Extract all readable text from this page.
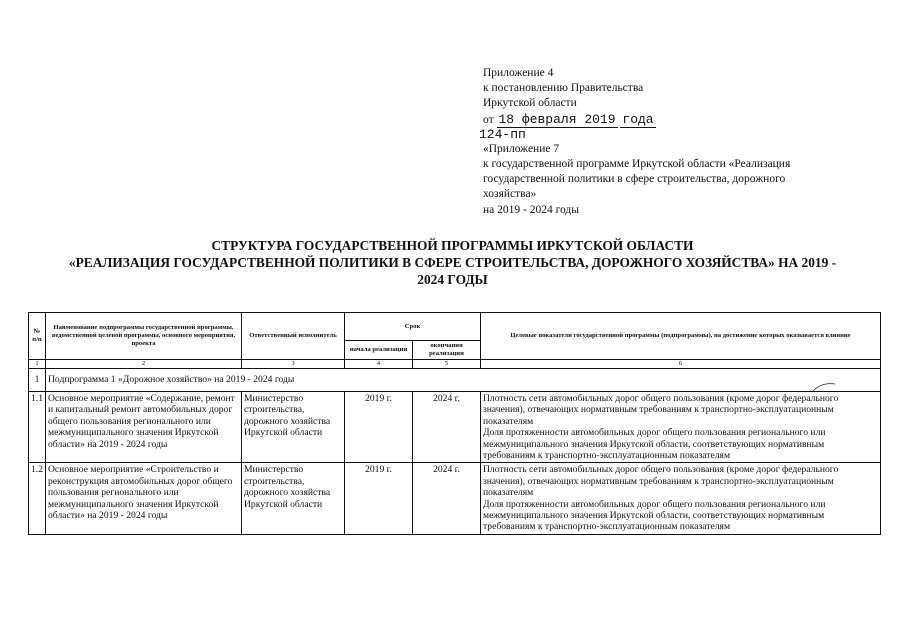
Приложение 4
к постановлению Правительства
Иркутской области
от 18 февраля 2019 года
124-пп
«Приложение 7
к государственной программе Иркутской области «Реализация
государственной политики в сфере строительства, дорожного
хозяйства»
на 2019 - 2024 годы
СТРУКТУРА ГОСУДАРСТВЕННОЙ ПРОГРАММЫ ИРКУТСКОЙ ОБЛАСТИ
«РЕАЛИЗАЦИЯ ГОСУДАРСТВЕННОЙ ПОЛИТИКИ В СФЕРЕ СТРОИТЕЛЬСТВА, ДОРОЖНОГО ХОЗЯЙСТВА» НА 2019 -
2024 ГОДЫ
№ п/п	Наименование подпрограммы государственной программы, ведомственной целевой программы, основного мероприятия, проекта	Ответственный исполнитель	Срок		Целевые показатели государственной программы (подпрограммы), на достижение которых оказывается влияние
			начала реализации	окончания реализации	
1	2	3	4	5	6
1	Подпрограмма 1 «Дорожное хозяйство» на 2019 - 2024 годы				
1.1	Основное мероприятие «Содержание, ремонт и капитальный ремонт автомобильных дорог общего пользования регионального или межмуниципального значения Иркутской области» на 2019 - 2024 годы	Министерство строительства, дорожного хозяйства Иркутской области	2019 г.	2024 г.	Плотность сети автомобильных дорог общего пользования (кроме дорог федерального значения), отвечающих нормативным требованиям к транспортно-эксплуатационным показателям
Доля протяженности автомобильных дорог общего пользования регионального или межмуниципального значения Иркутской области, соответствующих нормативным требованиям к транспортно-эксплуатационным показателям

1.2	Основное мероприятие «Строительство и реконструкция автомобильных дорог общего пользования регионального или межмуниципального значения Иркутской области» на 2019 - 2024 годы	Министерство строительства, дорожного хозяйства Иркутской области	2019 г.	2024 г.	Плотность сети автомобильных дорог общего пользования (кроме дорог федерального значения), отвечающих нормативным требованиям к транспортно-эксплуатационным показателям
Доля протяженности автомобильных дорог общего пользования регионального или межмуниципального значения Иркутской области, соответствующих нормативным требованиям к транспортно-эксплуатационным показателям
